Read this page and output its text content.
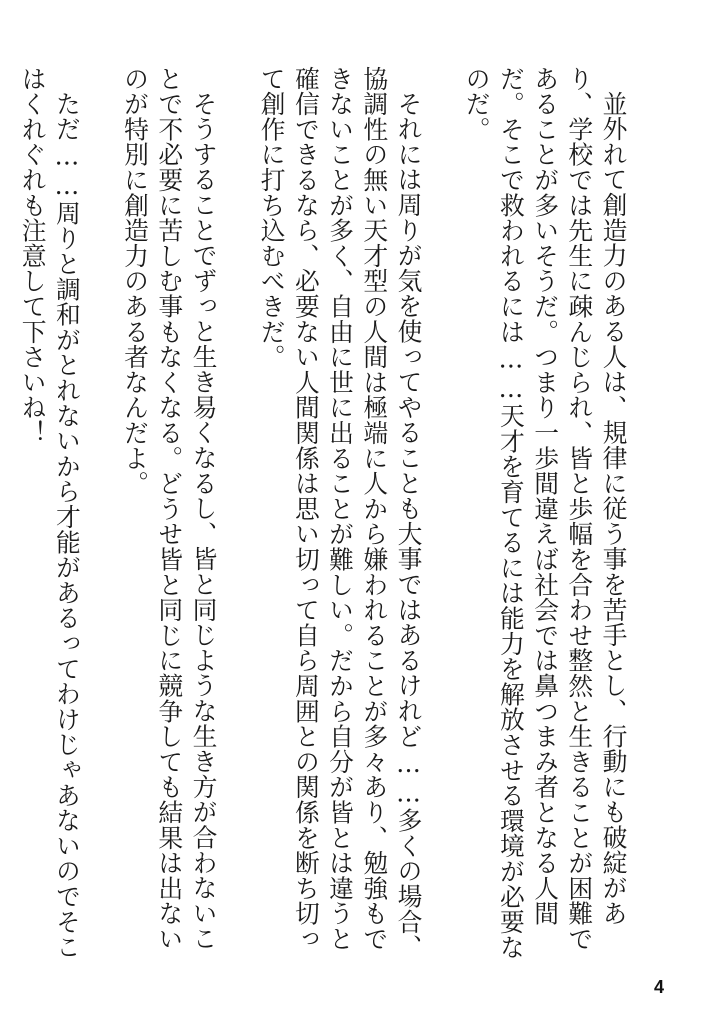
並外れて創造力のある人は、規律に従う事を苦手とし、行動にも破綻があり、学校では先生に疎んじられ、皆と歩幅を合わせ整然と生きることが困難であることが多いそうだ。つまり一歩間違えば社会では鼻つまみ者となる人間だ。そこで救われるには……天才を育てるには能力を解放させる環境が必要なのだ。

それには周りが気を使ってやることも大事ではあるけれど……多くの場合、協調性の無い天才型の人間は極端に人から嫌われることが多々あり、勉強もできないことが多く、自由に世に出ることが難しい。だから自分が皆とは違うと確信できるなら、必要ない人間関係は思い切って自ら周囲との関係を断ち切って創作に打ち込むべきだ。

そうすることでずっと生き易くなるし、皆と同じような生き方が合わないことで不必要に苦しむ事もなくなる。どうせ皆と同じに競争しても結果は出ないのが特別に創造力のある者なんだよ。

ただ……周りと調和がとれないから才能があるってわけじゃあないのでそこはくれぐれも注意して下さいね！

4
